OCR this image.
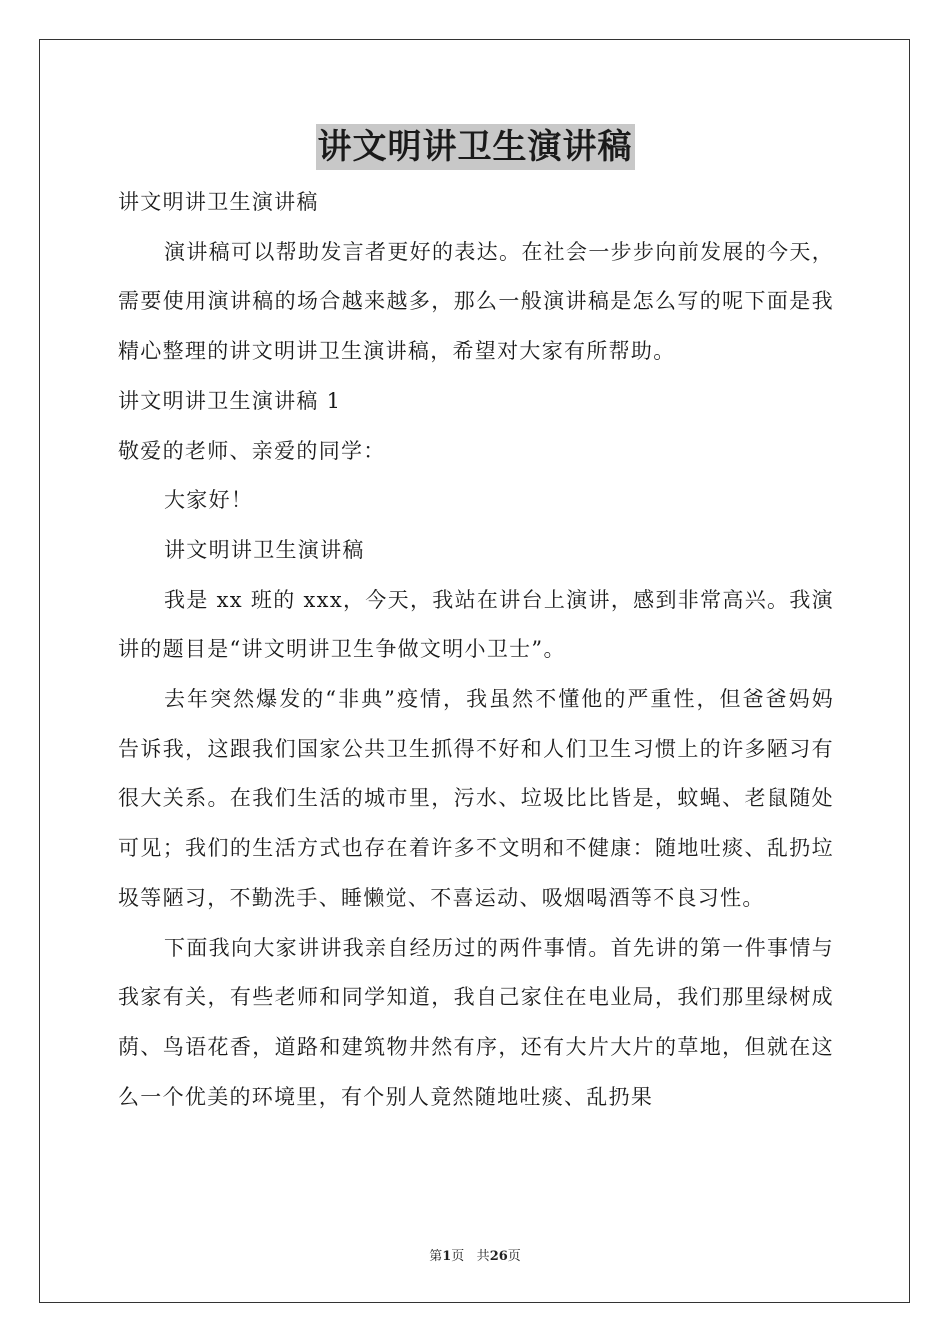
讲文明讲卫生演讲稿

讲文明讲卫生演讲稿

演讲稿可以帮助发言者更好的表达。在社会一步步向前发展的今天，需要使用演讲稿的场合越来越多，那么一般演讲稿是怎么写的呢下面是我精心整理的讲文明讲卫生演讲稿，希望对大家有所帮助。

讲文明讲卫生演讲稿 1

敬爱的老师、亲爱的同学：

大家好！

讲文明讲卫生演讲稿

我是 xx 班的 xxx，今天，我站在讲台上演讲，感到非常高兴。我演讲的题目是“讲文明讲卫生争做文明小卫士”。

去年突然爆发的“非典”疫情，我虽然不懂他的严重性，但爸爸妈妈告诉我，这跟我们国家公共卫生抓得不好和人们卫生习惯上的许多陋习有很大关系。在我们生活的城市里，污水、垃圾比比皆是，蚊蝇、老鼠随处可见；我们的生活方式也存在着许多不文明和不健康：随地吐痰、乱扔垃圾等陋习，不勤洗手、睡懒觉、不喜运动、吸烟喝酒等不良习性。

下面我向大家讲讲我亲自经历过的两件事情。首先讲的第一件事情与我家有关，有些老师和同学知道，我自己家住在电业局，我们那里绿树成荫、鸟语花香，道路和建筑物井然有序，还有大片大片的草地，但就在这么一个优美的环境里，有个别人竟然随地吐痰、乱扔果

第1页 共26页
